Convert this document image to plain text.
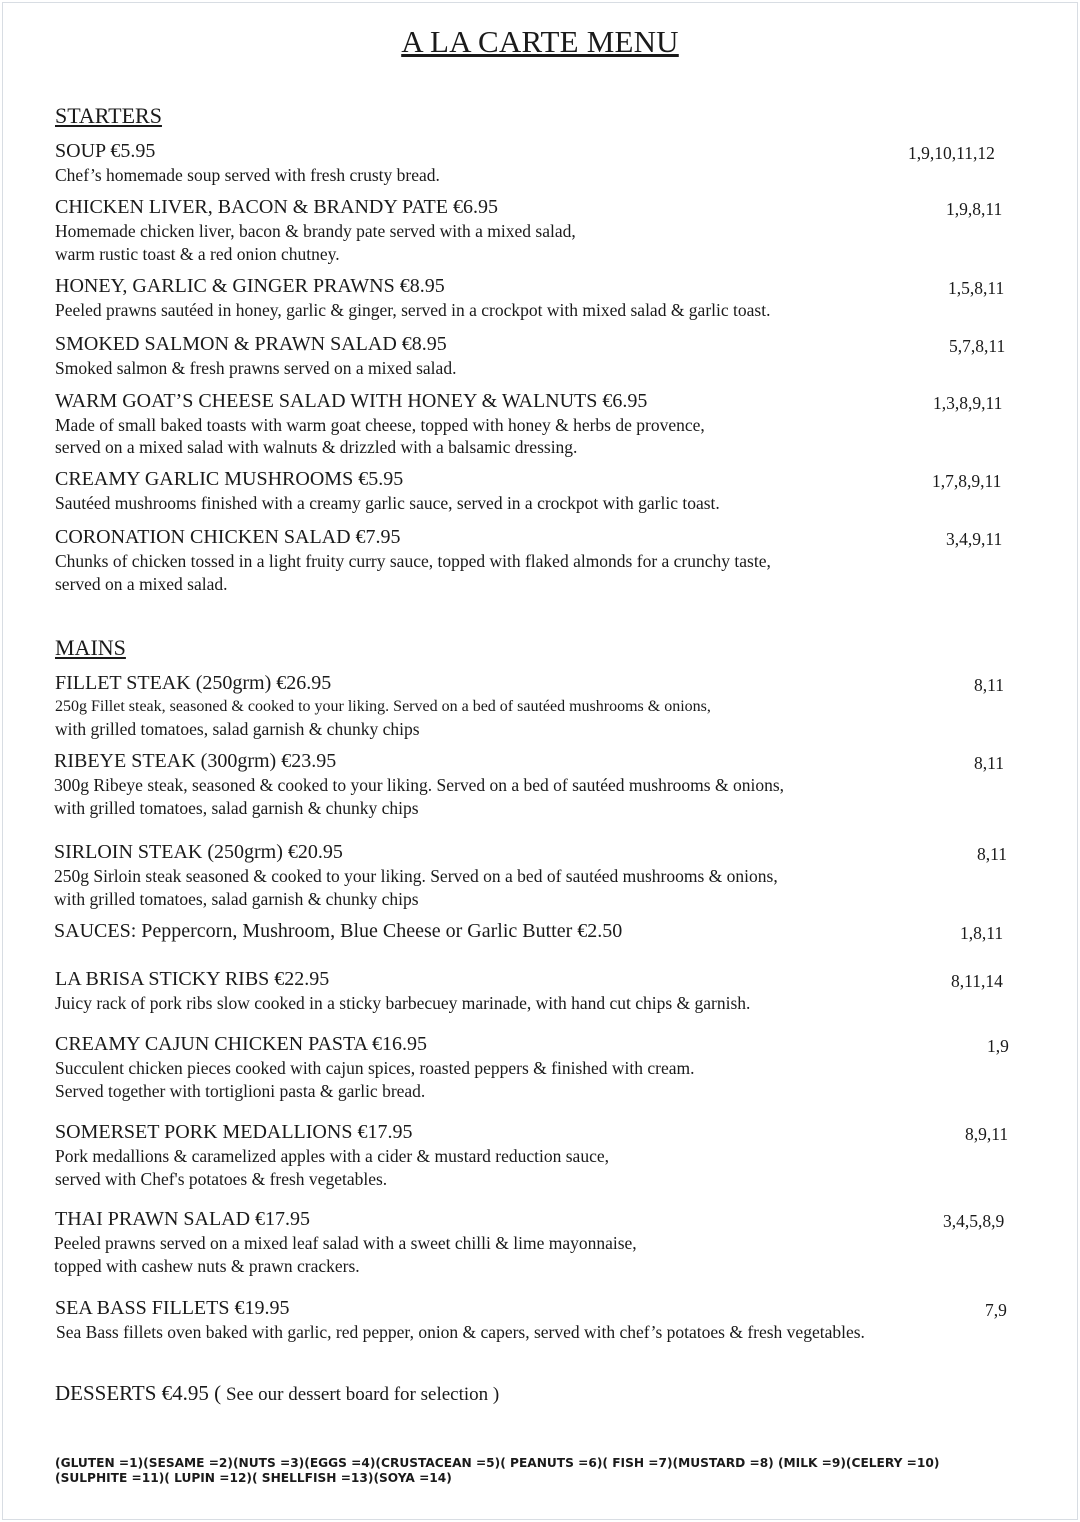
A LA CARTE MENU
STARTERS
SOUP €5.95	1,9,10,11,12
Chef’s homemade soup served with fresh crusty bread.
CHICKEN LIVER, BACON & BRANDY PATE €6.95	1,9,8,11
Homemade chicken liver, bacon & brandy pate served with a mixed salad,
warm rustic toast & a red onion chutney.
HONEY, GARLIC & GINGER PRAWNS €8.95	1,5,8,11
Peeled prawns sautéed in honey, garlic & ginger, served in a crockpot with mixed salad & garlic toast.
SMOKED SALMON & PRAWN SALAD €8.95	5,7,8,11
Smoked salmon & fresh prawns served on a mixed salad.
WARM GOAT’S CHEESE SALAD WITH HONEY & WALNUTS €6.95	1,3,8,9,11
Made of small baked toasts with warm goat cheese, topped with honey & herbs de provence,
served on a mixed salad with walnuts & drizzled with a balsamic dressing.
CREAMY GARLIC MUSHROOMS €5.95	1,7,8,9,11
Sautéed mushrooms finished with a creamy garlic sauce, served in a crockpot with garlic toast.
CORONATION CHICKEN SALAD €7.95	3,4,9,11
Chunks of chicken tossed in a light fruity curry sauce, topped with flaked almonds for a crunchy taste,
served on a mixed salad.
MAINS
FILLET STEAK (250grm) €26.95	8,11
250g Fillet steak, seasoned & cooked to your liking. Served on a bed of sautéed mushrooms & onions,
with grilled tomatoes, salad garnish & chunky chips
RIBEYE STEAK (300grm) €23.95	8,11
300g Ribeye steak, seasoned & cooked to your liking. Served on a bed of sautéed mushrooms & onions,
with grilled tomatoes, salad garnish & chunky chips
SIRLOIN STEAK (250grm) €20.95	8,11
250g Sirloin steak seasoned & cooked to your liking. Served on a bed of sautéed mushrooms & onions,
with grilled tomatoes, salad garnish & chunky chips
SAUCES: Peppercorn, Mushroom, Blue Cheese or Garlic Butter €2.50	1,8,11
LA BRISA STICKY RIBS €22.95	8,11,14
Juicy rack of pork ribs slow cooked in a sticky barbecuey marinade, with hand cut chips & garnish.
CREAMY CAJUN CHICKEN PASTA €16.95	1,9
Succulent chicken pieces cooked with cajun spices, roasted peppers & finished with cream.
Served together with tortiglioni pasta & garlic bread.
SOMERSET PORK MEDALLIONS €17.95	8,9,11
Pork medallions & caramelized apples with a cider & mustard reduction sauce,
served with Chef's potatoes & fresh vegetables.
THAI PRAWN SALAD €17.95	3,4,5,8,9
Peeled prawns served on a mixed leaf salad with a sweet chilli & lime mayonnaise,
topped with cashew nuts & prawn crackers.
SEA BASS FILLETS €19.95	7,9
Sea Bass fillets oven baked with garlic, red pepper, onion & capers, served with chef’s potatoes & fresh vegetables.
DESSERTS €4.95 ( See our dessert board for selection )
(GLUTEN =1)(SESAME =2)(NUTS =3)(EGGS =4)(CRUSTACEAN =5)( PEANUTS =6)( FISH =7)(MUSTARD =8) (MILK =9)(CELERY =10)
(SULPHITE =11)( LUPIN =12)( SHELLFISH =13)(SOYA =14)
